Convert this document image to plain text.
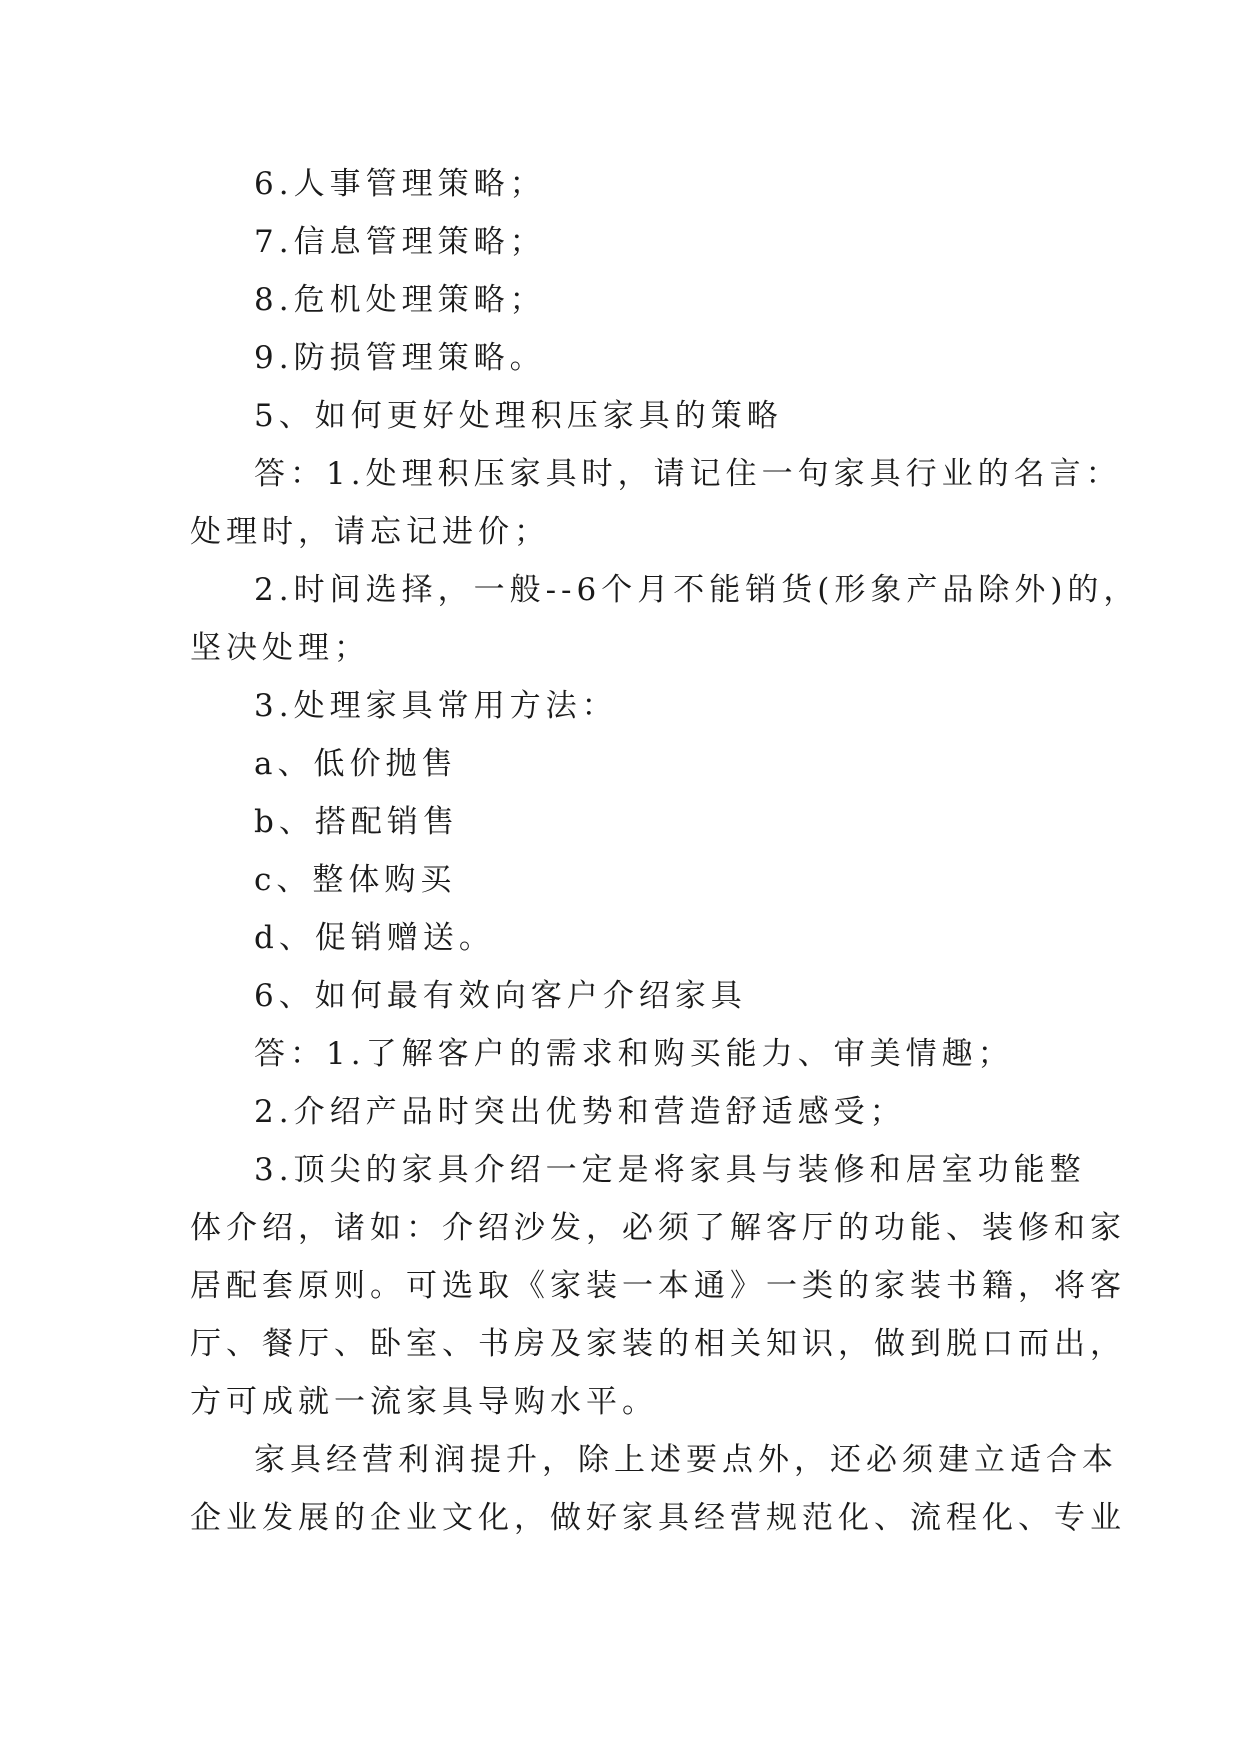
6.人事管理策略；
7.信息管理策略；
8.危机处理策略；
9.防损管理策略。
5、如何更好处理积压家具的策略
答：1.处理积压家具时，请记住一句家具行业的名言：
处理时，请忘记进价；
2.时间选择，一般--6个月不能销货(形象产品除外)的，
坚决处理；
3.处理家具常用方法：
a、低价抛售
b、搭配销售
c、整体购买
d、促销赠送。
6、如何最有效向客户介绍家具
答：1.了解客户的需求和购买能力、审美情趣；
2.介绍产品时突出优势和营造舒适感受；
3.顶尖的家具介绍一定是将家具与装修和居室功能整
体介绍，诸如：介绍沙发，必须了解客厅的功能、装修和家
居配套原则。可选取《家装一本通》一类的家装书籍，将客
厅、餐厅、卧室、书房及家装的相关知识，做到脱口而出，
方可成就一流家具导购水平。
家具经营利润提升，除上述要点外，还必须建立适合本
企业发展的企业文化，做好家具经营规范化、流程化、专业
